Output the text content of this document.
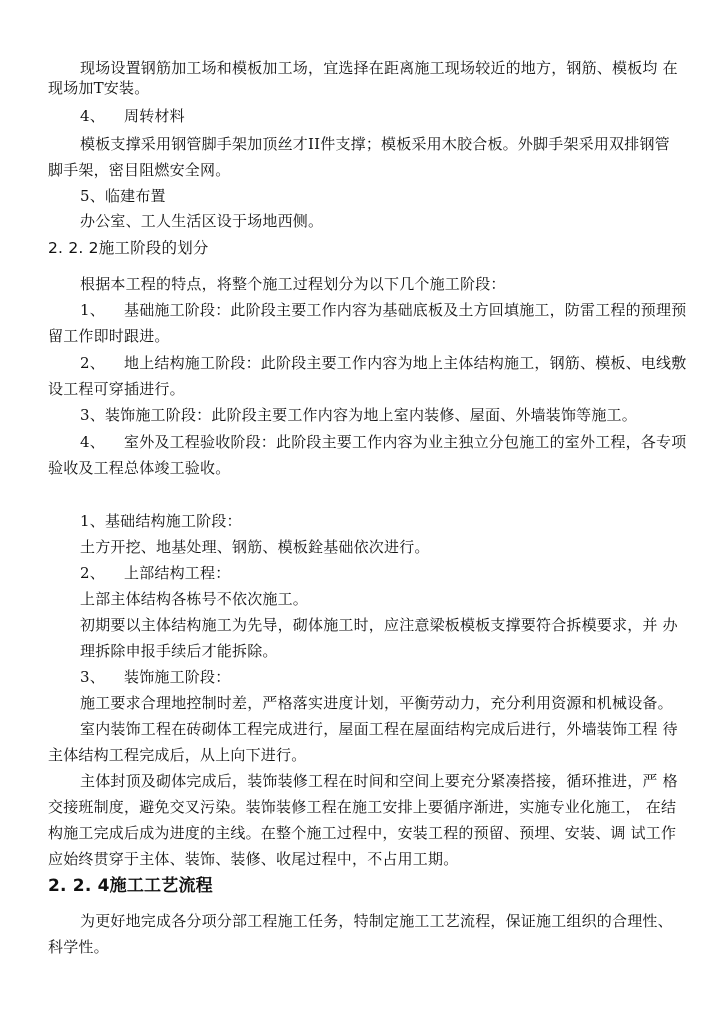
现场设置钢筋加工场和模板加工场，宜选择在距离施工现场较近的地方，钢筋、模板均 在
现场加T安装。
4、 周转材料
模板支撑采用钢管脚手架加顶丝才II件支撑；模板采用木胶合板。外脚手架采用双排钢管
脚手架，密目阻燃安全网。
5、临建布置
办公室、工人生活区设于场地西侧。
2. 2. 2施工阶段的划分
根据本工程的特点，将整个施工过程划分为以下几个施工阶段：
1、 基础施工阶段：此阶段主要工作内容为基础底板及土方回填施工，防雷工程的预理预
留工作即时跟进。
2、 地上结构施工阶段：此阶段主要工作内容为地上主体结构施工，钢筋、模板、电线敷
设工程可穿插进行。
3、装饰施工阶段：此阶段主要工作内容为地上室内装修、屋面、外墙装饰等施工。
4、 室外及工程验收阶段：此阶段主要工作内容为业主独立分包施工的室外工程，各专项
验收及工程总体竣工验收。
1、基础结构施工阶段：
土方开挖、地基处理、钢筋、模板銓基础依次进行。
2、 上部结构工程：
上部主体结构各栋号不依次施工。
初期要以主体结构施工为先导，砌体施工时，应注意梁板模板支撑要符合拆模要求，并 办
理拆除申报手续后才能拆除。
3、 装饰施工阶段：
施工要求合理地控制时差，严格落实进度计划，平衡劳动力，充分利用资源和机械设备。
室内装饰工程在砖砌体工程完成进行，屋面工程在屋面结构完成后进行，外墙装饰工程 待
主体结构工程完成后，从上向下进行。
主体封顶及砌体完成后，装饰装修工程在时间和空间上要充分紧凑搭接，循环推进，严 格
交接班制度，避免交叉污染。装饰装修工程在施工安排上要循序渐进，实施专业化施工， 在结
构施工完成后成为进度的主线。在整个施工过程中，安装工程的预留、预埋、安装、调 试工作
应始终贯穿于主体、装饰、装修、收尾过程中，不占用工期。
2. 2. 4施工工艺流程
为更好地完成各分项分部工程施工任务，特制定施工工艺流程，保证施工组织的合理性、
科学性。
